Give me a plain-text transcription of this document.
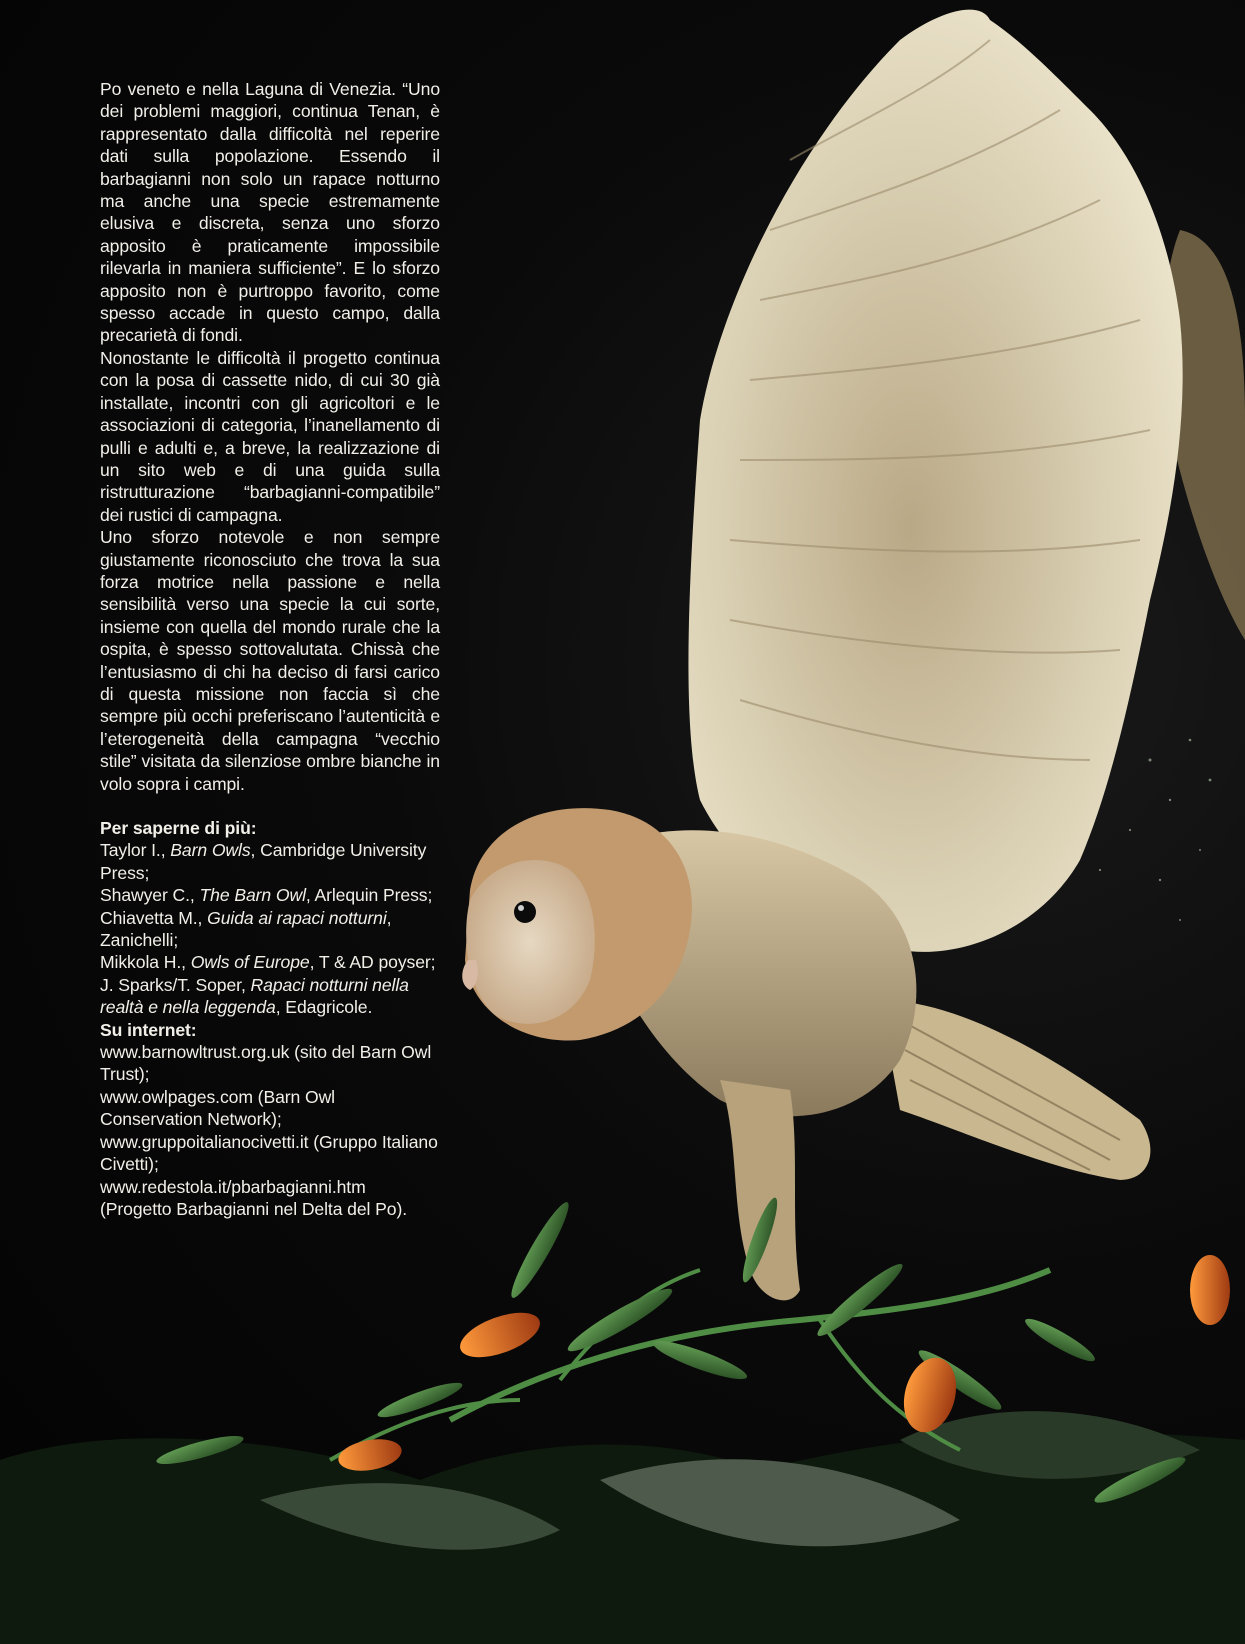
Po veneto e nella Laguna di Venezia. “Uno dei problemi maggiori, continua Tenan, è rappresentato dalla difficoltà nel reperire dati sulla popolazione. Essendo il barbagianni non solo un rapace notturno ma anche una specie estremamente elusiva e discreta, senza uno sforzo apposito è praticamente impossibile rilevarla in maniera sufficiente”. E lo sforzo apposito non è purtroppo favorito, come spesso accade in questo campo, dalla precarietà di fondi.

Nonostante le difficoltà il progetto continua con la posa di cassette nido, di cui 30 già installate, incontri con gli agricoltori e le associazioni di categoria, l’inanellamento di pulli e adulti e, a breve, la realizzazione di un sito web e di una guida sulla ristrutturazione “barbagianni-compatibile” dei rustici di campagna.

Uno sforzo notevole e non sempre giustamente riconosciuto che trova la sua forza motrice nella passione e nella sensibilità verso una specie la cui sorte, insieme con quella del mondo rurale che la ospita, è spesso sottovalutata. Chissà che l’entusiasmo di chi ha deciso di farsi carico di questa missione non faccia sì che sempre più occhi preferiscano l’autenticità e l’eterogeneità della campagna “vecchio stile” visitata da silenziose ombre bianche in volo sopra i campi.

Per saperne di più:

Taylor I., Barn Owls, Cambridge University Press;

Shawyer C., The Barn Owl, Arlequin Press;

Chiavetta M., Guida ai rapaci notturni, Zanichelli;

Mikkola H., Owls of Europe, T & AD poyser;

J. Sparks/T. Soper, Rapaci notturni nella realtà e nella leggenda, Edagricole.

Su internet:

www.barnowltrust.org.uk (sito del Barn Owl Trust);

www.owlpages.com (Barn Owl Conservation Network);

www.gruppoitalianocivetti.it (Gruppo Italiano Civetti);

www.redestola.it/pbarbagianni.htm (Progetto Barbagianni nel Delta del Po).
